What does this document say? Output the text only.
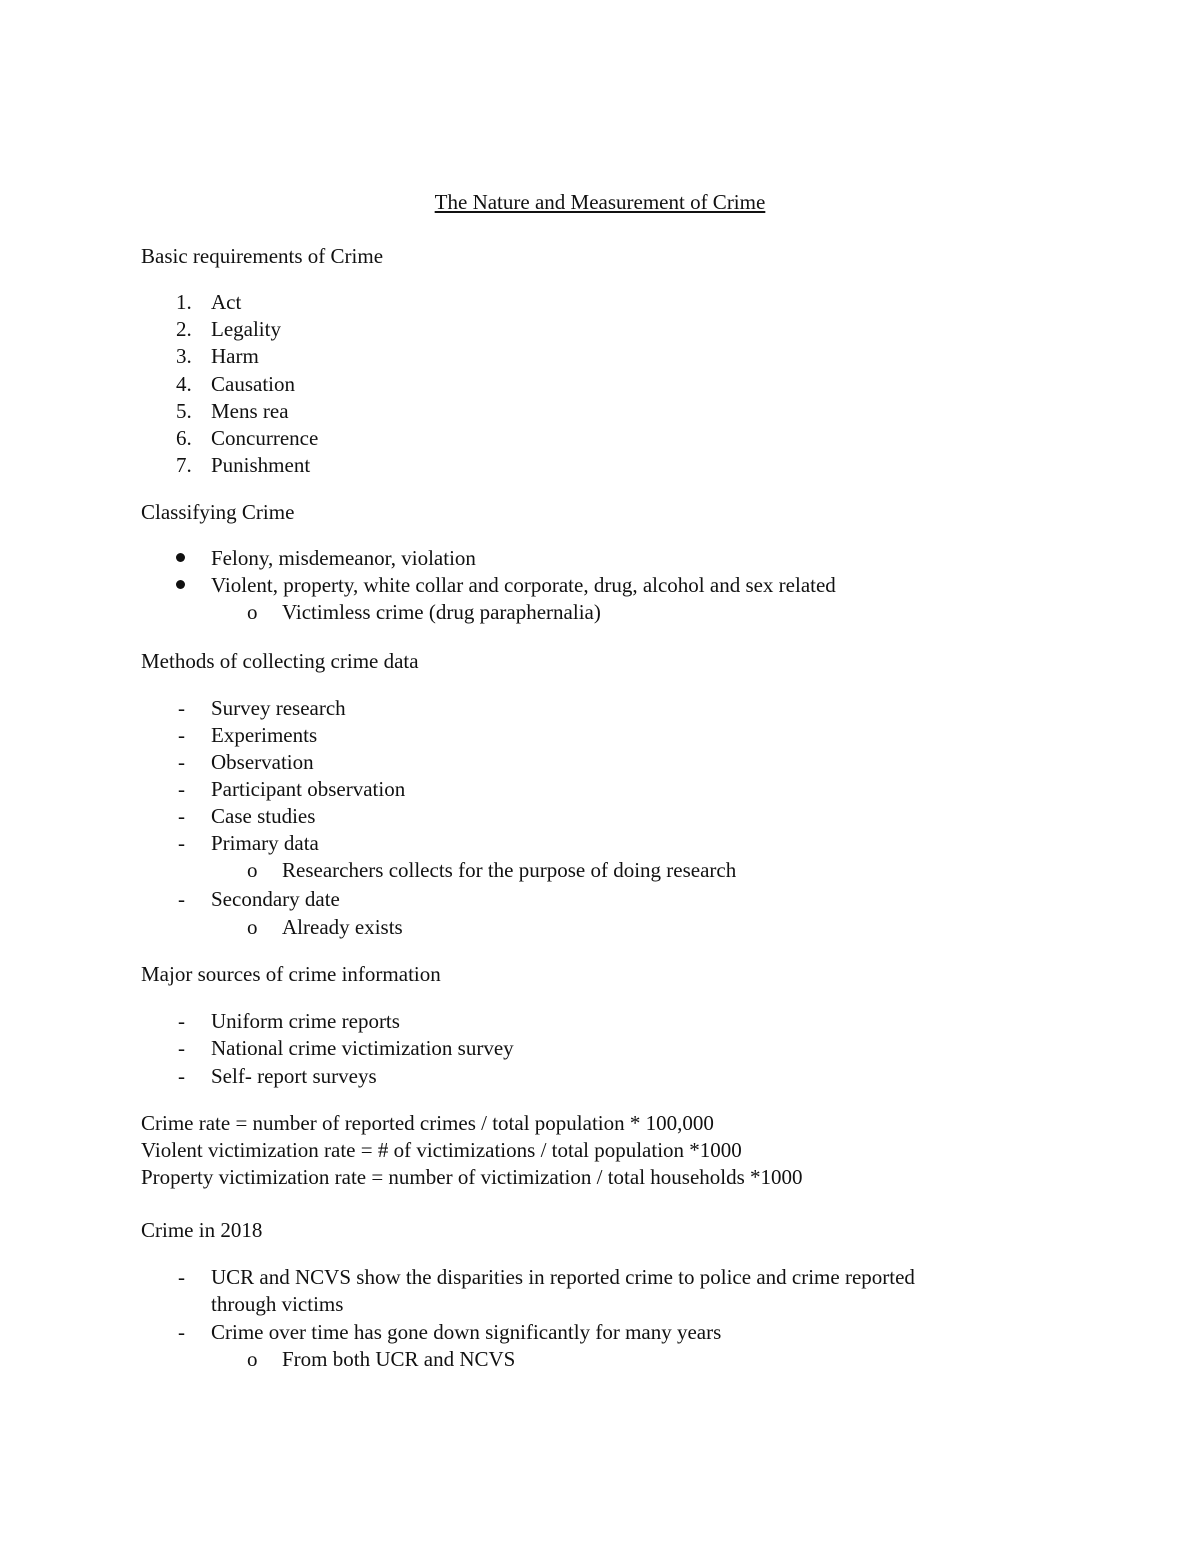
The Nature and Measurement of Crime
Basic requirements of Crime
1. Act
2. Legality
3. Harm
4. Causation
5. Mens rea
6. Concurrence
7. Punishment
Classifying Crime
Felony, misdemeanor, violation
Violent, property, white collar and corporate, drug, alcohol and sex related
o Victimless crime (drug paraphernalia)
Methods of collecting crime data
- Survey research
- Experiments
- Observation
- Participant observation
- Case studies
- Primary data
o Researchers collects for the purpose of doing research
- Secondary date
o Already exists
Major sources of crime information
- Uniform crime reports
- National crime victimization survey
- Self- report surveys
Crime rate = number of reported crimes / total population * 100,000
Violent victimization rate = # of victimizations / total population *1000
Property victimization rate = number of victimization / total households *1000
Crime in 2018
- UCR and NCVS show the disparities in reported crime to police and crime reported
through victims
- Crime over time has gone down significantly for many years
o From both UCR and NCVS
